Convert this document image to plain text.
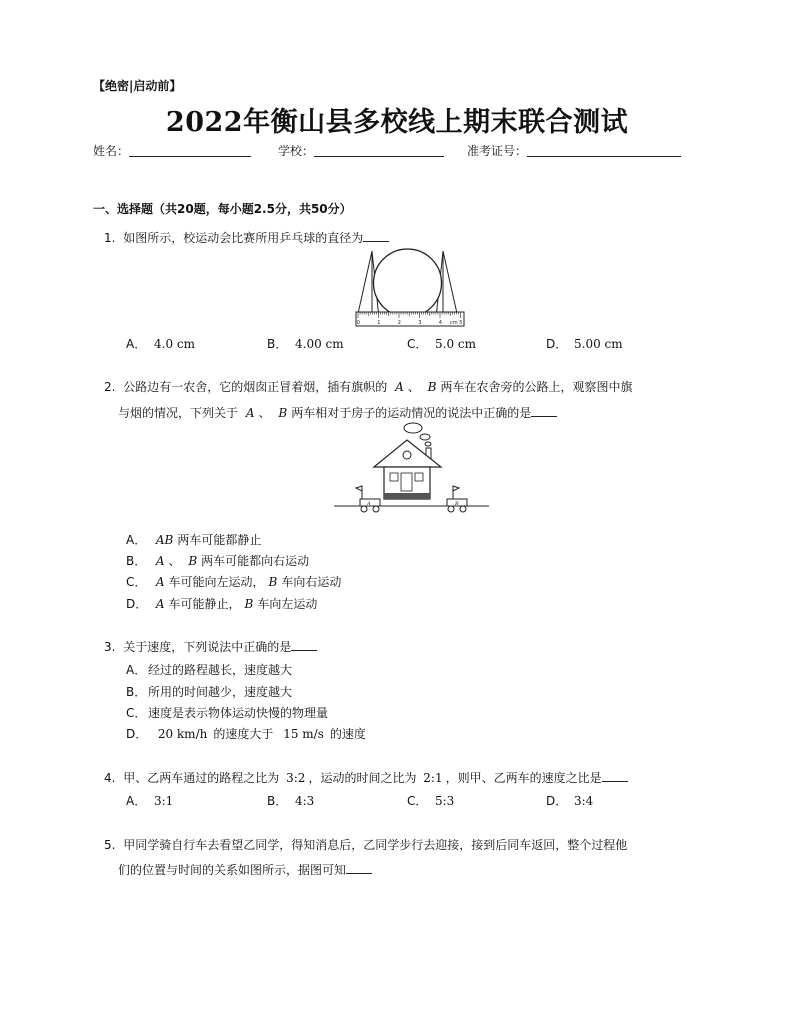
【绝密|启动前】
2022年衡山县多校线上期末联合测试
姓名：	学校：	准考证号：
一、选择题（共20题，每小题2.5分，共50分）
1. 如图所示，校运动会比赛所用乒乓球的直径为
0	1	2	3	4	5
cm
A． 4.0 cm	B． 4.00 cm	C． 5.0 cm	D． 5.00 cm
2. 公路边有一农舍，它的烟囱正冒着烟，插有旗帜的 A 、 B 两车在农舍旁的公路上，观察图中旗
与烟的情况，下列关于 A 、 B 两车相对于房子的运动情况的说法中正确的是
A	B
A． AB 两车可能都静止
B． A 、 B 两车可能都向右运动
C． A 车可能向左运动， B 车向右运动
D． A 车可能静止， B 车向左运动
3. 关于速度，下列说法中正确的是
A． 经过的路程越长，速度越大
B． 所用的时间越少，速度越大
C． 速度是表示物体运动快慢的物理量
D． 20 km/h 的速度大于 15 m/s 的速度
4. 甲、乙两车通过的路程之比为 3:2 ，运动的时间之比为 2:1 ，则甲、乙两车的速度之比是
A． 3:1	B． 4:3	C． 5:3	D． 3:4
5. 甲同学骑自行车去看望乙同学，得知消息后，乙同学步行去迎接，接到后同车返回，整个过程他
们的位置与时间的关系如图所示，据图可知
